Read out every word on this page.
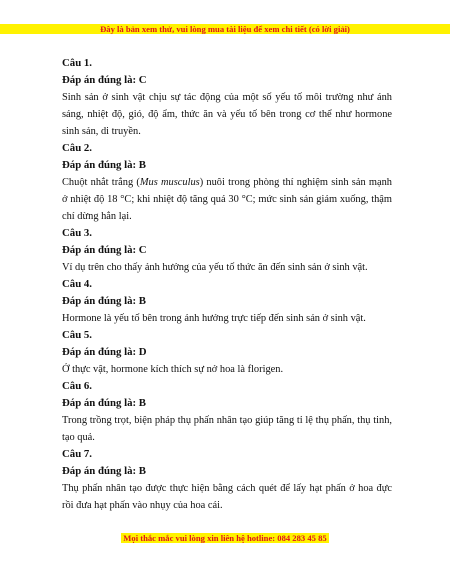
Đây là bản xem thử, vui lòng mua tài liệu để xem chi tiết (có lời giải)
Câu 1.
Đáp án đúng là: C
Sinh sản ở sinh vật chịu sự tác động của một số yếu tố môi trường như ánh sáng, nhiệt độ, gió, độ ẩm, thức ăn và yếu tố bên trong cơ thể như hormone sinh sản, di truyền.
Câu 2.
Đáp án đúng là: B
Chuột nhắt trắng (Mus musculus) nuôi trong phòng thí nghiệm sinh sản mạnh ở nhiệt độ 18 °C; khi nhiệt độ tăng quá 30 °C; mức sinh sản giảm xuống, thậm chí dừng hẳn lại.
Câu 3.
Đáp án đúng là: C
Ví dụ trên cho thấy ảnh hưởng của yếu tố thức ăn đến sinh sản ở sinh vật.
Câu 4.
Đáp án đúng là: B
Hormone là yếu tố bên trong ảnh hưởng trực tiếp đến sinh sản ở sinh vật.
Câu 5.
Đáp án đúng là: D
Ở thực vật, hormone kích thích sự nở hoa là florigen.
Câu 6.
Đáp án đúng là: B
Trong trồng trọt, biện pháp thụ phấn nhân tạo giúp tăng tỉ lệ thụ phấn, thụ tinh, tạo quả.
Câu 7.
Đáp án đúng là: B
Thụ phấn nhân tạo được thực hiện bằng cách quét để lấy hạt phấn ở hoa đực rồi đưa hạt phấn vào nhụy của hoa cái.
Mọi thắc mắc vui lòng xin liên hệ hotline: 084 283 45 85
